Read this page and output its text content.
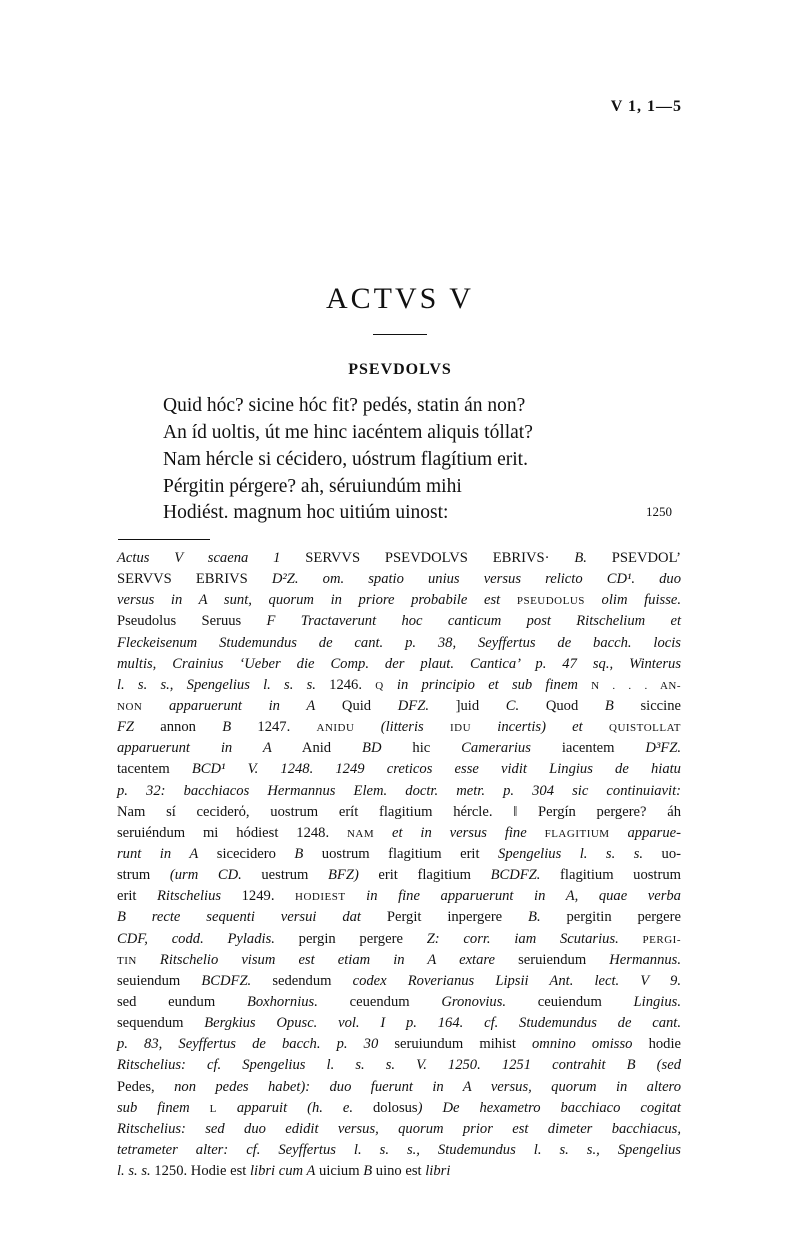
V 1, 1—5
ACTVS V
PSEVDOLVS
Quid hóc? sicine hóc fit? pedés, statin án non?
An íd uoltis, út me hinc iacéntem aliquis tóllat?
Nam hércle si cécidero, uóstrum flagítium erit.
Pérgitin pérgere? ah, séruiundúm mihi
Hodiést. magnum hoc uitiúm uinost:	1250
Actus V scaena 1 SERVVS PSEVDOLVS EBRIVS· B. PSEVDOL’
SERVVS EBRIVS D²Z. om. spatio unius versus relicto CD¹. duo
versus in A sunt, quorum in priore probabile est PSEUDOLUS olim fuisse.
Pseudolus Seruus F Tractaverunt hoc canticum post Ritschelium et
Fleckeisenum Studemundus de cant. p. 38, Seyffertus de bacch. locis
multis, Crainius ‘Ueber die Comp. der plaut. Cantica’ p. 47 sq., Winterus
l. s. s., Spengelius l. s. s. 1246. Q in principio et sub finem N . . . AN-
NON apparuerunt in A Quid DFZ. ]uid C. Quod B siccine
FZ annon B 1247. ANIDU (litteris IDU incertis) et QUISTOLLAT
apparuerunt in A Anid BD hic Camerarius iacentem D³FZ.
tacentem BCD¹ V. 1248. 1249 creticos esse vidit Lingius de hiatu
p. 32: bacchiacos Hermannus Elem. doctr. metr. p. 304 sic continuiavit:
Nam sí ceciderό, uostrum erít flagitium hércle. ‖ Pergín pergere? áh
seruiéndum mi hódiest 1248. NAM et in versus fine FLAGITIUM apparue-
runt in A sicecidero B uostrum flagitium erit Spengelius l. s. s. uo-
strum (urm CD. uestrum BFZ) erit flagitium BCDFZ. flagitium uostrum
erit Ritschelius 1249. HODIEST in fine apparuerunt in A, quae verba
B recte sequenti versui dat Pergit inpergere B. pergitin pergere
CDF, codd. Pyladis. pergin pergere Z: corr. iam Scutarius. PERGI-
TIN Ritschelio visum est etiam in A extare seruiendum Hermannus.
seuiendum BCDFZ. sedendum codex Roverianus Lipsii Ant. lect. V 9.
sed eundum Boxhornius. ceuendum Gronovius. ceuiendum Lingius.
sequendum Bergkius Opusc. vol. I p. 164. cf. Studemundus de cant.
p. 83, Seyffertus de bacch. p. 30 seruiundum mihist omnino omisso hodie
Ritschelius: cf. Spengelius l. s. s. V. 1250. 1251 contrahit B (sed
Pedes, non pedes habet): duo fuerunt in A versus, quorum in altero
sub finem L apparuit (h. e. dolosus) De hexametro bacchiaco cogitat
Ritschelius: sed duo edidit versus, quorum prior est dimeter bacchiacus,
tetrameter alter: cf. Seyffertus l. s. s., Studemundus l. s. s., Spengelius
l. s. s. 1250. Hodie est libri cum A uicium B uino est libri
